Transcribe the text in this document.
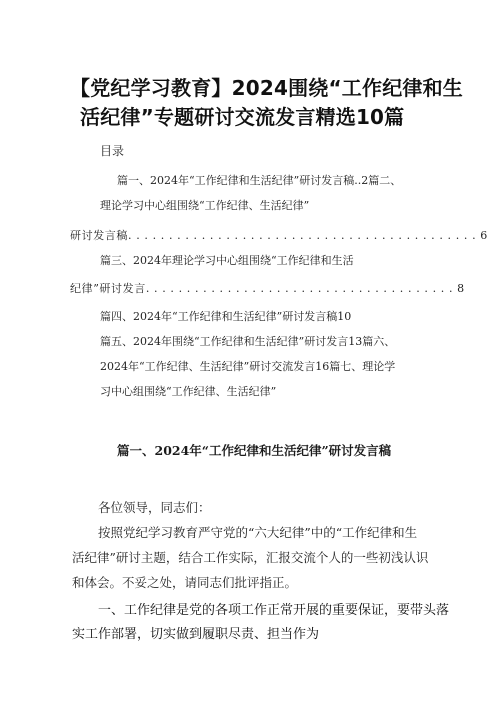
【党纪学习教育】2024围绕“工作纪律和生
活纪律”专题研讨交流发言精选10篇
目录
篇一、2024年“工作纪律和生活纪律”研讨发言稿..2篇二、
理论学习中心组围绕“工作纪律、生活纪律”
研讨发言稿. . . . . . . . . . . . . . . . . . . . . . . . . . . . . . . . . . . . . . . . . . . 6
篇三、2024年理论学习中心组围绕“工作纪律和生活
纪律”研讨发言. . . . . . . . . . . . . . . . . . . . . . . . . . . . . . . . . . . . . . 8
篇四、2024年“工作纪律和生活纪律”研讨发言稿10
篇五、2024年围绕“工作纪律和生活纪律”研讨发言13篇六、
2024年“工作纪律、生活纪律”研讨交流发言16篇七、理论学
习中心组围绕“工作纪律、生活纪律”
篇一、2024年“工作纪律和生活纪律”研讨发言稿
各位领导，同志们：
按照党纪学习教育严守党的“六大纪律”中的“工作纪律和生
活纪律”研讨主题，结合工作实际，汇报交流个人的一些初浅认识
和体会。不妥之处，请同志们批评指正。
一、工作纪律是党的各项工作正常开展的重要保证，要带头落
实工作部署，切实做到履职尽责、担当作为
